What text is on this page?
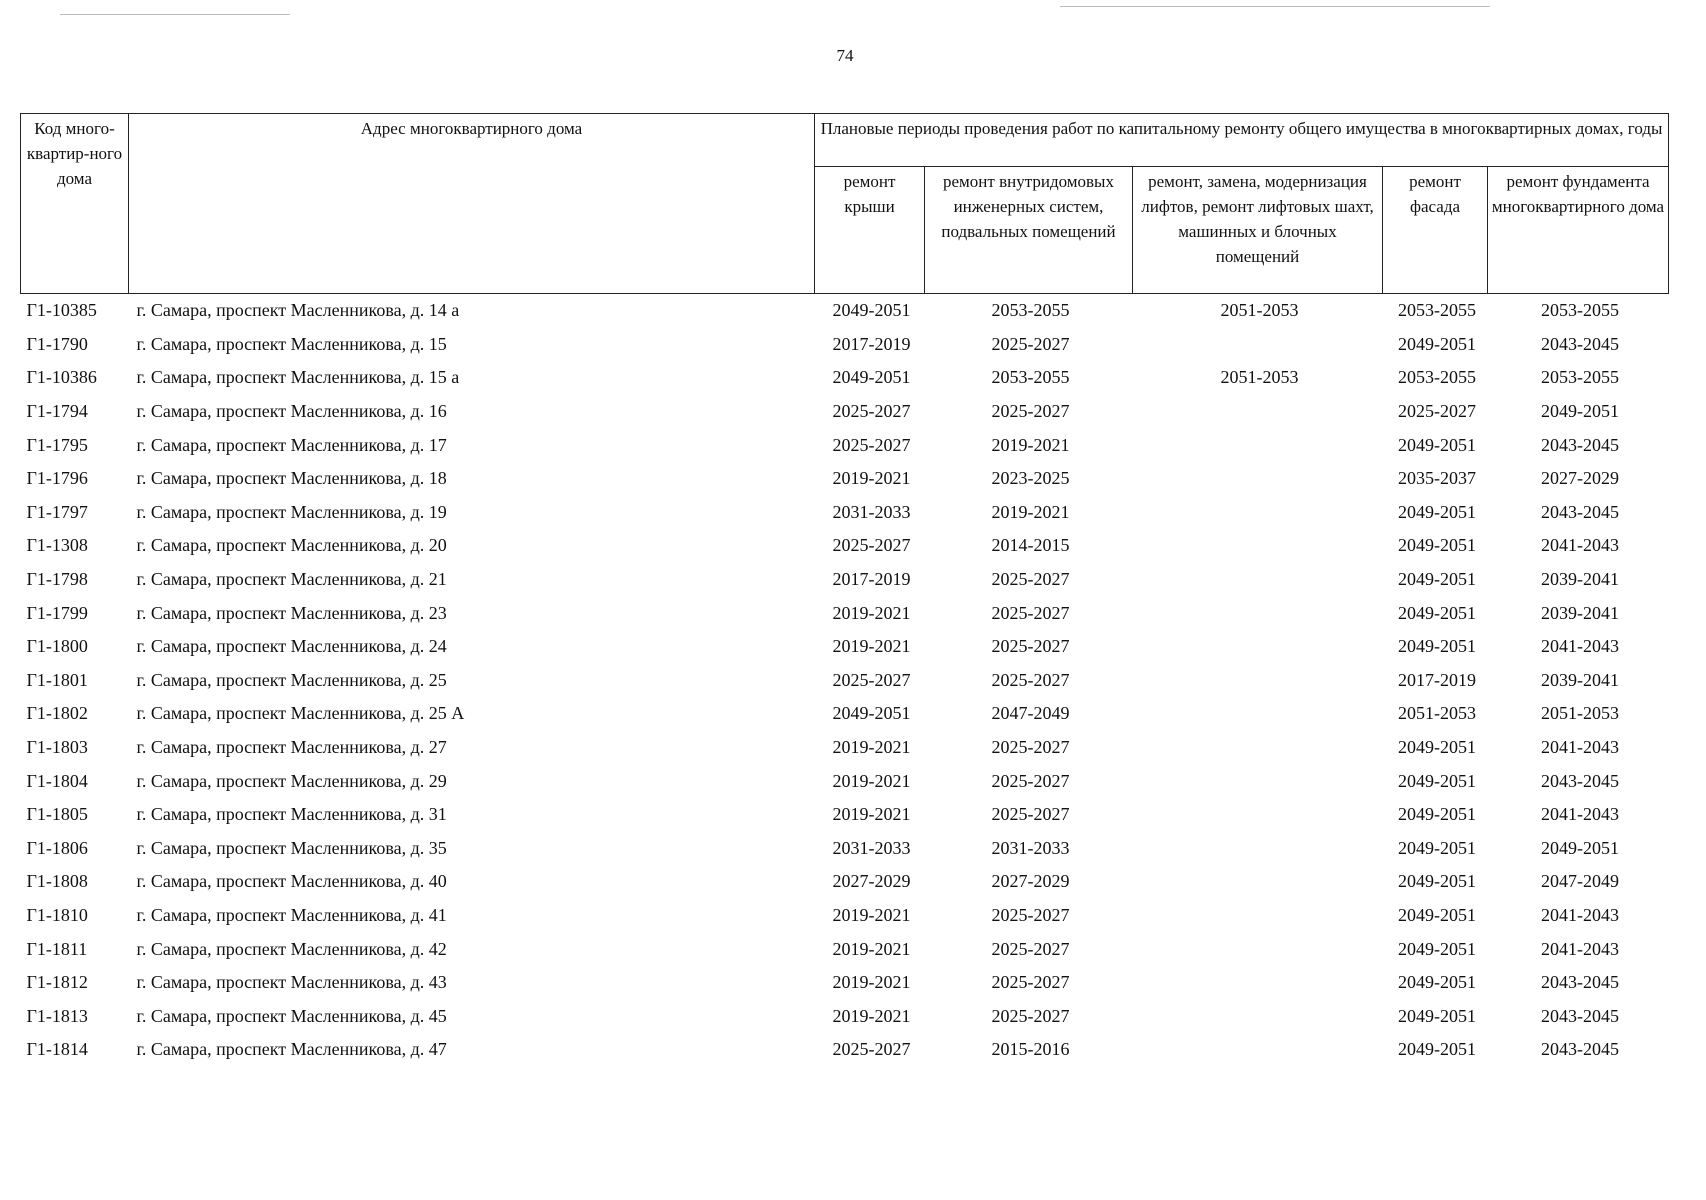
74
Код много-квартир-ного дома	Адрес многоквартирного дома	Плановые периоды проведения работ по капитальному ремонту общего имущества в многоквартирных домах, годы				
		ремонт крыши	ремонт внутридомовых инженерных систем, подвальных помещений	ремонт, замена, модернизация лифтов, ремонт лифтовых шахт, машинных и блочных помещений	ремонт фасада	ремонт фундамента многоквартирного дома
Г1-10385	г. Самара, проспект Масленникова, д. 14 а	2049-2051	2053-2055	2051-2053	2053-2055	2053-2055
Г1-1790	г. Самара, проспект Масленникова, д. 15	2017-2019	2025-2027		2049-2051	2043-2045
Г1-10386	г. Самара, проспект Масленникова, д. 15 а	2049-2051	2053-2055	2051-2053	2053-2055	2053-2055
Г1-1794	г. Самара, проспект Масленникова, д. 16	2025-2027	2025-2027		2025-2027	2049-2051
Г1-1795	г. Самара, проспект Масленникова, д. 17	2025-2027	2019-2021		2049-2051	2043-2045
Г1-1796	г. Самара, проспект Масленникова, д. 18	2019-2021	2023-2025		2035-2037	2027-2029
Г1-1797	г. Самара, проспект Масленникова, д. 19	2031-2033	2019-2021		2049-2051	2043-2045
Г1-1308	г. Самара, проспект Масленникова, д. 20	2025-2027	2014-2015		2049-2051	2041-2043
Г1-1798	г. Самара, проспект Масленникова, д. 21	2017-2019	2025-2027		2049-2051	2039-2041
Г1-1799	г. Самара, проспект Масленникова, д. 23	2019-2021	2025-2027		2049-2051	2039-2041
Г1-1800	г. Самара, проспект Масленникова, д. 24	2019-2021	2025-2027		2049-2051	2041-2043
Г1-1801	г. Самара, проспект Масленникова, д. 25	2025-2027	2025-2027		2017-2019	2039-2041
Г1-1802	г. Самара, проспект Масленникова, д. 25 А	2049-2051	2047-2049		2051-2053	2051-2053
Г1-1803	г. Самара, проспект Масленникова, д. 27	2019-2021	2025-2027		2049-2051	2041-2043
Г1-1804	г. Самара, проспект Масленникова, д. 29	2019-2021	2025-2027		2049-2051	2043-2045
Г1-1805	г. Самара, проспект Масленникова, д. 31	2019-2021	2025-2027		2049-2051	2041-2043
Г1-1806	г. Самара, проспект Масленникова, д. 35	2031-2033	2031-2033		2049-2051	2049-2051
Г1-1808	г. Самара, проспект Масленникова, д. 40	2027-2029	2027-2029		2049-2051	2047-2049
Г1-1810	г. Самара, проспект Масленникова, д. 41	2019-2021	2025-2027		2049-2051	2041-2043
Г1-1811	г. Самара, проспект Масленникова, д. 42	2019-2021	2025-2027		2049-2051	2041-2043
Г1-1812	г. Самара, проспект Масленникова, д. 43	2019-2021	2025-2027		2049-2051	2043-2045
Г1-1813	г. Самара, проспект Масленникова, д. 45	2019-2021	2025-2027		2049-2051	2043-2045
Г1-1814	г. Самара, проспект Масленникова, д. 47	2025-2027	2015-2016		2049-2051	2043-2045
